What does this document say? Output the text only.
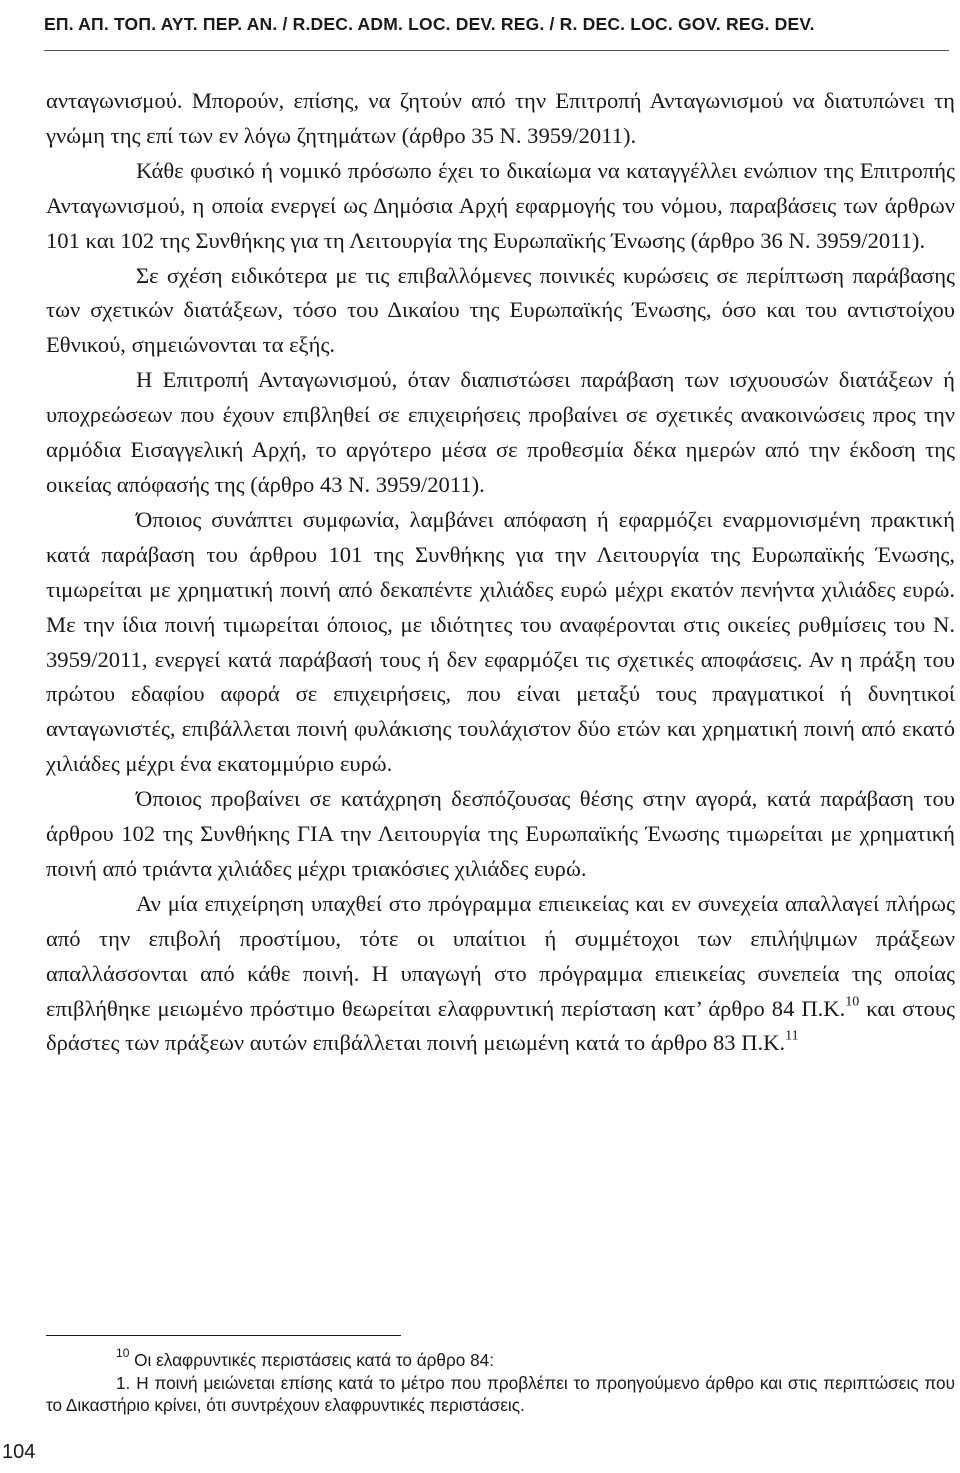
ΕΠ. ΑΠ. ΤΟΠ. ΑΥΤ. ΠΕΡ. ΑΝ. / R.DEC. ADM. LOC. DEV. REG. / R. DEC. LOC. GOV. REG. DEV.

ανταγωνισμού. Μπορούν, επίσης, να ζητούν από την Επιτροπή Ανταγωνισμού να διατυπώνει τη γνώμη της επί των εν λόγω ζητημάτων (άρθρο 35 Ν. 3959/2011).

Κάθε φυσικό ή νομικό πρόσωπο έχει το δικαίωμα να καταγγέλλει ενώπιον της Επιτροπής Ανταγωνισμού, η οποία ενεργεί ως Δημόσια Αρχή εφαρμογής του νόμου, παραβάσεις των άρθρων 101 και 102 της Συνθήκης για τη Λειτουργία της Ευρωπαϊκής Ένωσης (άρθρο 36 Ν. 3959/2011).

Σε σχέση ειδικότερα με τις επιβαλλόμενες ποινικές κυρώσεις σε περίπτωση παράβασης των σχετικών διατάξεων, τόσο του Δικαίου της Ευρωπαϊκής Ένωσης, όσο και του αντιστοίχου Εθνικού, σημειώνονται τα εξής.

Η Επιτροπή Ανταγωνισμού, όταν διαπιστώσει παράβαση των ισχυουσών διατάξεων ή υποχρεώσεων που έχουν επιβληθεί σε επιχειρήσεις προβαίνει σε σχετικές ανακοινώσεις προς την αρμόδια Εισαγγελική Αρχή, το αργότερο μέσα σε προθεσμία δέκα ημερών από την έκδοση της οικείας απόφασής της (άρθρο 43 Ν. 3959/2011).

Όποιος συνάπτει συμφωνία, λαμβάνει απόφαση ή εφαρμόζει εναρμονισμένη πρακτική κατά παράβαση του άρθρου 101 της Συνθήκης για την Λειτουργία της Ευρωπαϊκής Ένωσης, τιμωρείται με χρηματική ποινή από δεκαπέντε χιλιάδες ευρώ μέχρι εκατόν πενήντα χιλιάδες ευρώ. Με την ίδια ποινή τιμωρείται όποιος, με ιδιότητες του αναφέρονται στις οικείες ρυθμίσεις του Ν. 3959/2011, ενεργεί κατά παράβασή τους ή δεν εφαρμόζει τις σχετικές αποφάσεις. Αν η πράξη του πρώτου εδαφίου αφορά σε επιχειρήσεις, που είναι μεταξύ τους πραγματικοί ή δυνητικοί ανταγωνιστές, επιβάλλεται ποινή φυλάκισης τουλάχιστον δύο ετών και χρηματική ποινή από εκατό χιλιάδες μέχρι ένα εκατομμύριο ευρώ.

Όποιος προβαίνει σε κατάχρηση δεσπόζουσας θέσης στην αγορά, κατά παράβαση του άρθρου 102 της Συνθήκης ΓΙΑ την Λειτουργία της Ευρωπαϊκής Ένωσης τιμωρείται με χρηματική ποινή από τριάντα χιλιάδες μέχρι τριακόσιες χιλιάδες ευρώ.

Αν μία επιχείρηση υπαχθεί στο πρόγραμμα επιεικείας και εν συνεχεία απαλλαγεί πλήρως από την επιβολή προστίμου, τότε οι υπαίτιοι ή συμμέτοχοι των επιλήψιμων πράξεων απαλλάσσονται από κάθε ποινή. Η υπαγωγή στο πρόγραμμα επιεικείας συνεπεία της οποίας επιβλήθηκε μειωμένο πρόστιμο θεωρείται ελαφρυντική περίσταση κατ’ άρθρο 84 Π.Κ.$^{10}$ και στους δράστες των πράξεων αυτών επιβάλλεται ποινή μειωμένη κατά το άρθρο 83 Π.Κ.$^{11}$

$^{10}$ Οι ελαφρυντικές περιστάσεις κατά το άρθρο 84:

1. Η ποινή μειώνεται επίσης κατά το μέτρο που προβλέπει το προηγούμενο άρθρο και στις περιπτώσεις που το Δικαστήριο κρίνει, ότι συντρέχουν ελαφρυντικές περιστάσεις.

104
